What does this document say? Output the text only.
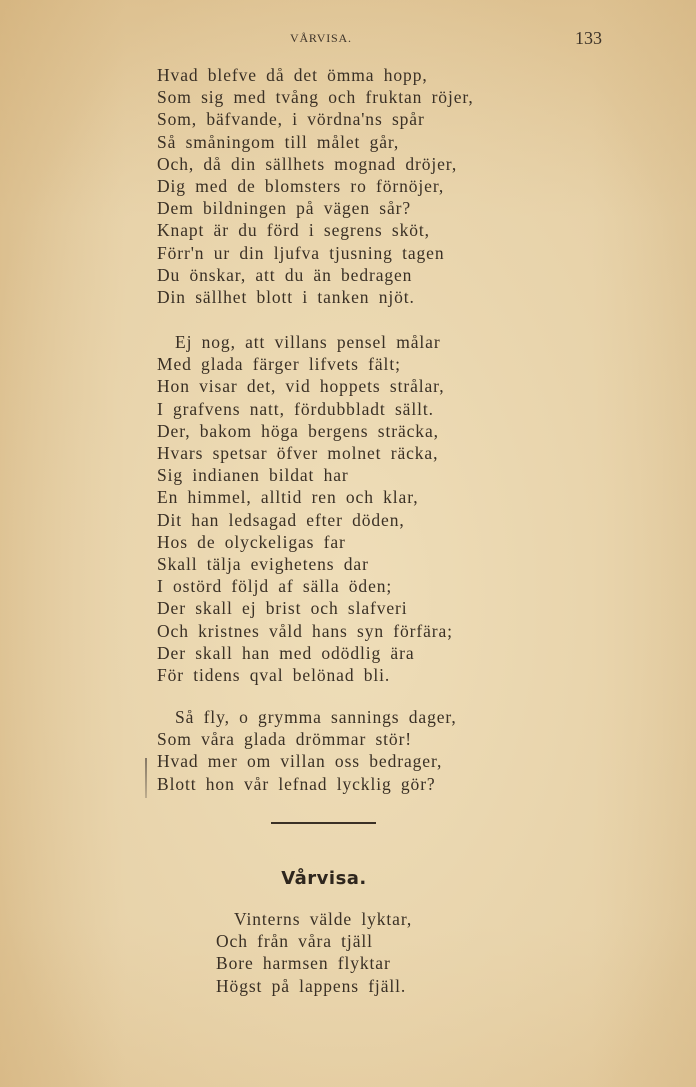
VÅRVISA.	133
Hvad blefve då det ömma hopp,
Som sig med tvång och fruktan röjer,
Som, bäfvande, i vördna'ns spår
Så småningom till målet går,
Och, då din sällhets mognad dröjer,
Dig med de blomsters ro förnöjer,
Dem bildningen på vägen sår?
Knapt är du förd i segrens sköt,
Förr'n ur din ljufva tjusning tagen
Du önskar, att du än bedragen
Din sällhet blott i tanken njöt.
Ej nog, att villans pensel målar
Med glada färger lifvets fält;
Hon visar det, vid hoppets strålar,
I grafvens natt, fördubbladt sällt.
Der, bakom höga bergens sträcka,
Hvars spetsar öfver molnet räcka,
Sig indianen bildat har
En himmel, alltid ren och klar,
Dit han ledsagad efter döden,
Hos de olyckeligas far
Skall tälja evighetens dar
I ostörd följd af sälla öden;
Der skall ej brist och slafveri
Och kristnes våld hans syn förfära;
Der skall han med odödlig ära
För tidens qval belönad bli.
Så fly, o grymma sannings dager,
Som våra glada drömmar stör!
Hvad mer om villan oss bedrager,
Blott hon vår lefnad lycklig gör?
Vårvisa.
Vinterns välde lyktar,
Och från våra tjäll
Bore harmsen flyktar
Högst på lappens fjäll.
